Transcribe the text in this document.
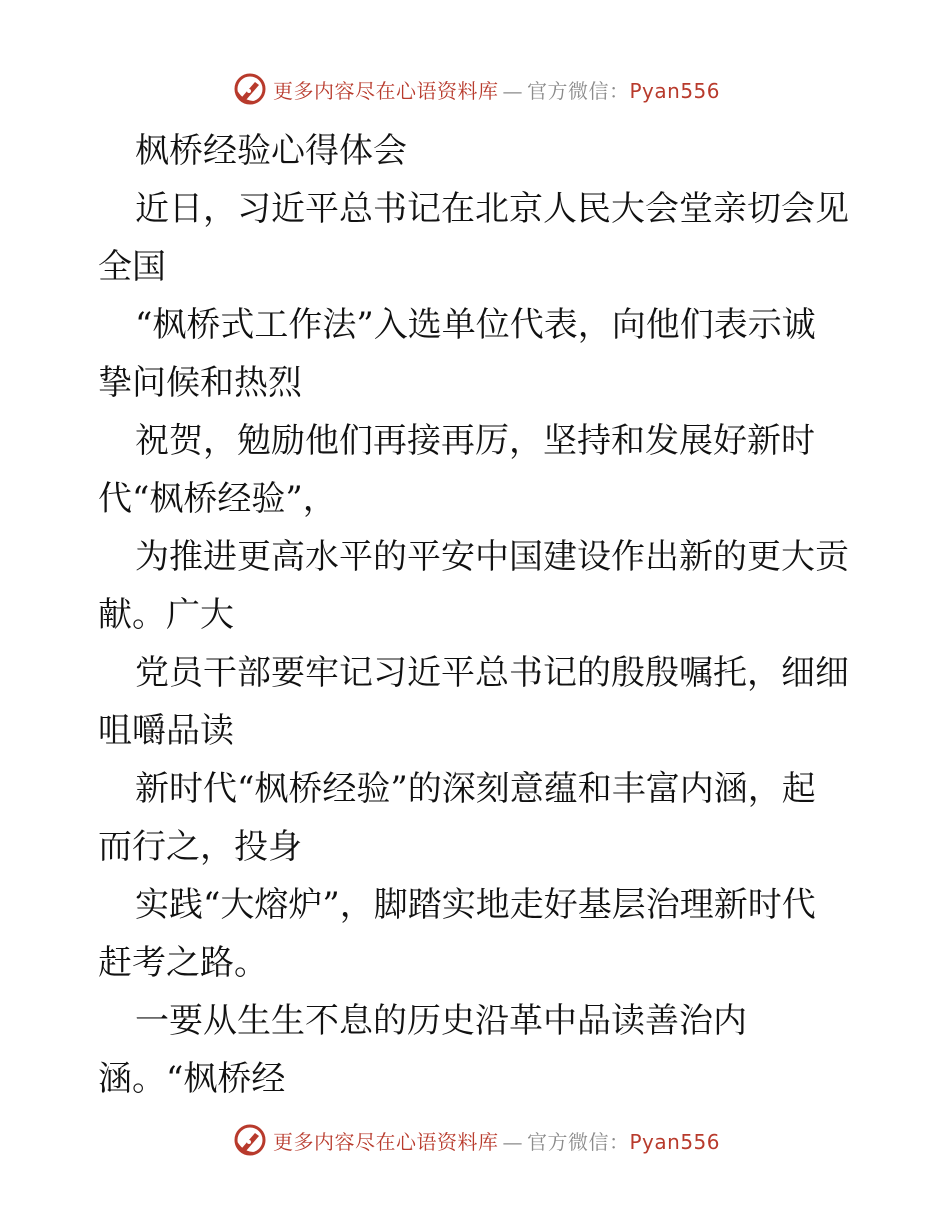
更多内容尽在心语资料库 — 官方微信：Pyan556

枫桥经验心得体会

近日，习近平总书记在北京人民大会堂亲切会见

全国

“枫桥式工作法”入选单位代表，向他们表示诚

挚问候和热烈

祝贺，勉励他们再接再厉，坚持和发展好新时

代“枫桥经验”，

为推进更高水平的平安中国建设作出新的更大贡

献。广大

党员干部要牢记习近平总书记的殷殷嘱托，细细

咀嚼品读

新时代“枫桥经验”的深刻意蕴和丰富内涵，起

而行之，投身

实践“大熔炉”，脚踏实地走好基层治理新时代

赶考之路。

一要从生生不息的历史沿革中品读善治内

涵。“枫桥经

更多内容尽在心语资料库 — 官方微信：Pyan556
